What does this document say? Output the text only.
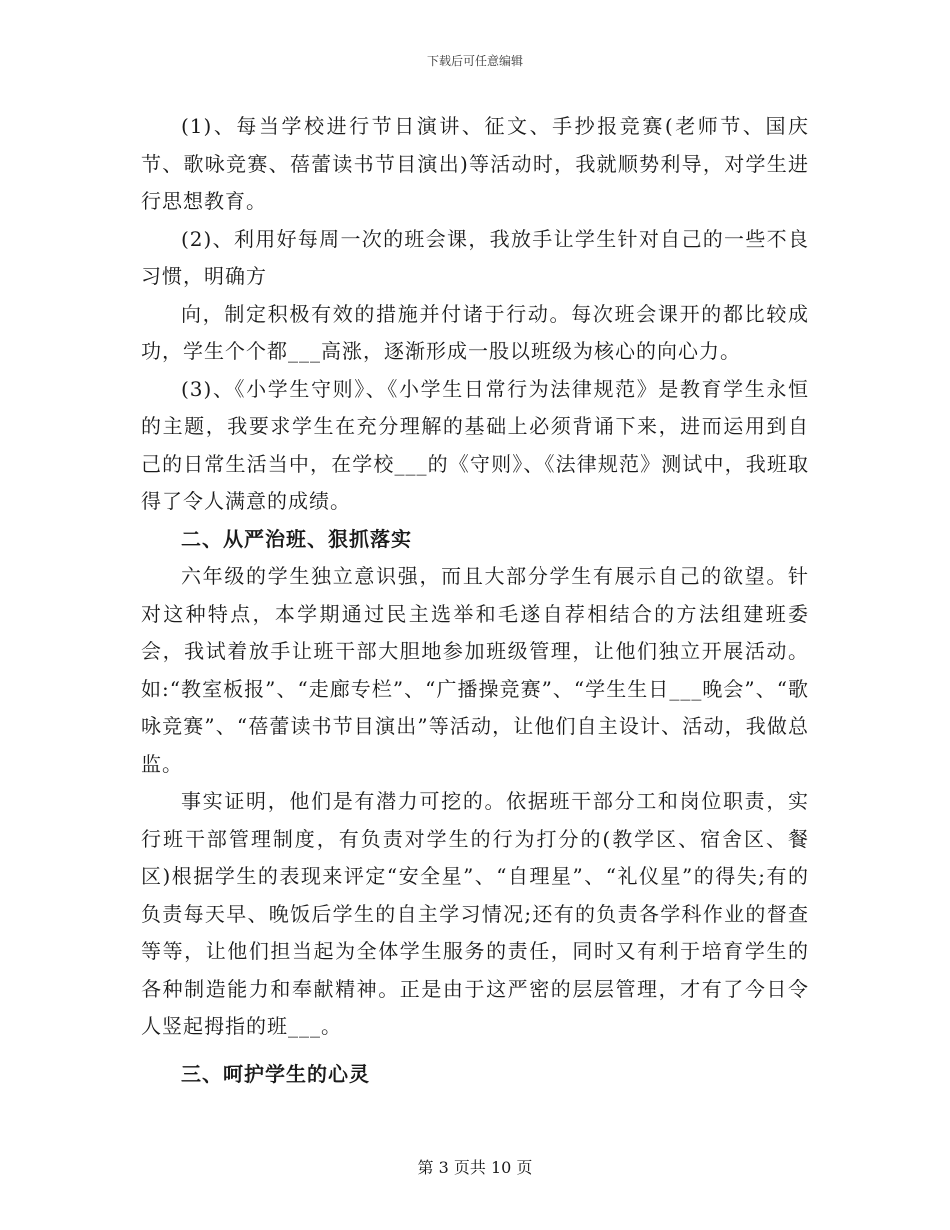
下载后可任意编辑

(1)、每当学校进行节日演讲、征文、手抄报竞赛(老师节、国庆节、歌咏竞赛、蓓蕾读书节目演出)等活动时，我就顺势利导，对学生进行思想教育。

(2)、利用好每周一次的班会课，我放手让学生针对自己的一些不良习惯，明确方

向，制定积极有效的措施并付诸于行动。每次班会课开的都比较成功，学生个个都___高涨，逐渐形成一股以班级为核心的向心力。

(3)、《小学生守则》、《小学生日常行为法律规范》是教育学生永恒的主题，我要求学生在充分理解的基础上必须背诵下来，进而运用到自己的日常生活当中，在学校___的《守则》、《法律规范》测试中，我班取得了令人满意的成绩。

二、从严治班、狠抓落实

六年级的学生独立意识强，而且大部分学生有展示自己的欲望。针对这种特点，本学期通过民主选举和毛遂自荐相结合的方法组建班委会，我试着放手让班干部大胆地参加班级管理，让他们独立开展活动。如:“教室板报”、“走廊专栏”、“广播操竞赛”、“学生生日___晚会”、“歌咏竞赛”、“蓓蕾读书节目演出”等活动，让他们自主设计、活动，我做总监。

事实证明，他们是有潜力可挖的。依据班干部分工和岗位职责，实行班干部管理制度，有负责对学生的行为打分的(教学区、宿舍区、餐区)根据学生的表现来评定“安全星”、“自理星”、“礼仪星”的得失;有的负责每天早、晚饭后学生的自主学习情况;还有的负责各学科作业的督查等等，让他们担当起为全体学生服务的责任，同时又有利于培育学生的各种制造能力和奉献精神。正是由于这严密的层层管理，才有了今日令人竖起拇指的班___。

三、呵护学生的心灵

第 3 页共 10 页
